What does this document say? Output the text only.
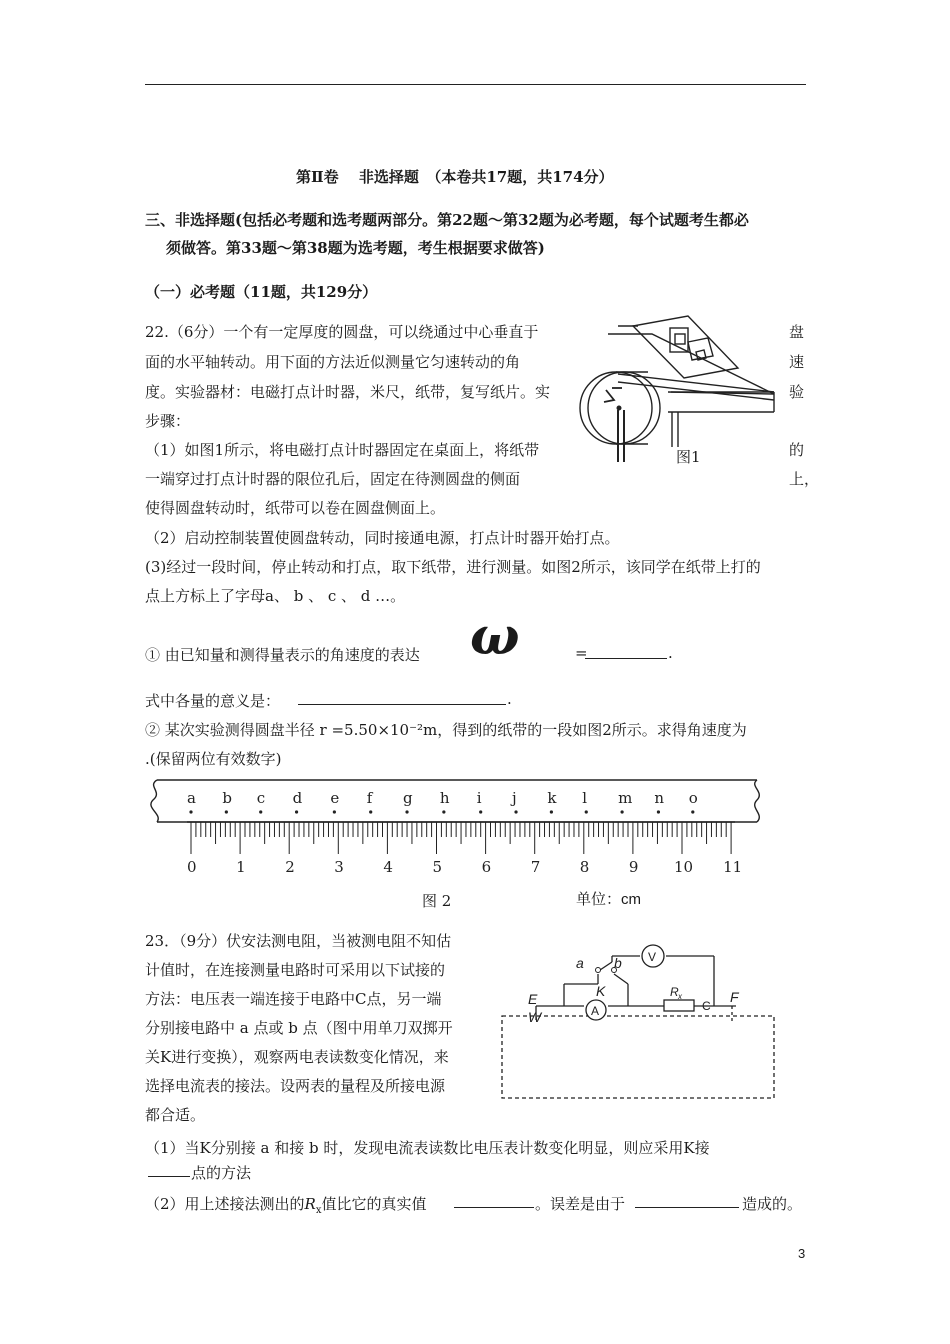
第Ⅱ卷　 非选择题　（本卷共17题，共174分）
三、非选择题(包括必考题和选考题两部分。第22题～第32题为必考题，每个试题考生都必
须做答。第33题～第38题为选考题，考生根据要求做答)
（一）必考题（11题，共129分）
22.（6分）一个有一定厚度的圆盘，可以绕通过中心垂直于	盘
面的水平轴转动。用下面的方法近似测量它匀速转动的角	速
度。实验器材：电磁打点计时器，米尺，纸带，复写纸片。实	验
步骤：
（1）如图1所示，将电磁打点计时器固定在桌面上，将纸带	的
一端穿过打点计时器的限位孔后，固定在待测圆盘的侧面	上，
使得圆盘转动时，纸带可以卷在圆盘侧面上。
（2）启动控制装置使圆盘转动，同时接通电源，打点计时器开始打点。
(3)经过一段时间，停止转动和打点，取下纸带，进行测量。如图2所示，该同学在纸带上打的
点上方标上了字母a、 b 、 c 、 d …。
图1
① 由已知量和测得量表示的角速度的表达 ω	=	.
式中各量的意义是：	.
② 某次实验测得圆盘半径 r =5.50×10⁻²m，得到的纸带的一段如图2所示。求得角速度为
.(保留两位有效数字)
a b c d e f g h i j k l m n o
0	1	2	3	4	5	6	7	8	9 10 11
图 2	单位：cm
23．（9分）伏安法测电阻，当被测电阻不知估
计值时，在连接测量电路时可采用以下试接的
方法：电压表一端连接于电路中C点，另一端
分别接电路中 a 点或 b 点（图中用单刀双掷开
关K进行变换），观察两电表读数变化情况，来
选择电流表的接法。设两表的量程及所接电源
都合适。
a b
K
E
W
F
R x
C
V
A
（1）当K分别接 a 和接 b 时，发现电流表读数比电压表计数变化明显，则应采用K接
点的方法
（2）用上述接法测出的$R_x$值比它的真实值	。误差是由于	造成的。
3
